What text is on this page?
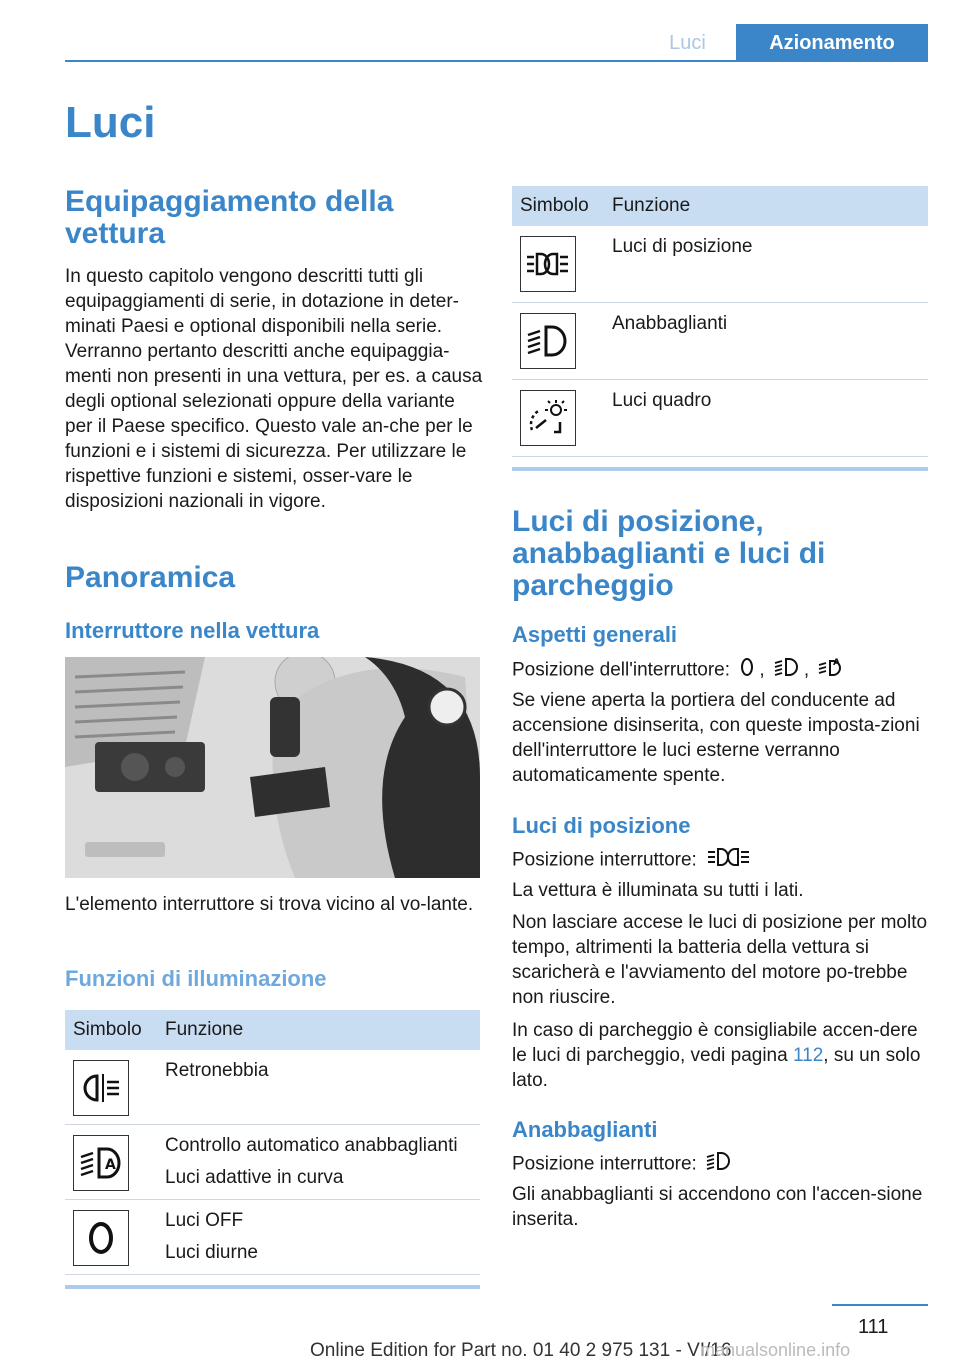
Luci	Azionamento
Luci
Equipaggiamento della vettura

In questo capitolo vengono descritti tutti gli equipaggiamenti di serie, in dotazione in deter-minati Paesi e optional disponibili nella serie. Verranno pertanto descritti anche equipaggia-menti non presenti in una vettura, per es. a causa degli optional selezionati oppure della variante per il Paese specifico. Questo vale an-che per le funzioni e i sistemi di sicurezza. Per utilizzare le rispettive funzioni e sistemi, osser-vare le disposizioni nazionali in vigore.

Panoramica
Interruttore nella vettura

L'elemento interruttore si trova vicino al vo-lante.

Funzioni di illuminazione
Simbolo	Funzione

Retronebbia

A	Controllo automatico anabbaglianti
Luci adattive in curva

Luci OFF
Luci diurne
Simbolo	Funzione

Luci di posizione

Anabbaglianti

Luci quadro
Luci di posizione, anabbaglianti e luci di parcheggio
Aspetti generali

Posizione dell'interruttore: , , A

Se viene aperta la portiera del conducente ad accensione disinserita, con queste imposta-zioni dell'interruttore le luci esterne verranno automaticamente spente.

Luci di posizione

Posizione interruttore:

La vettura è illuminata su tutti i lati.

Non lasciare accese le luci di posizione per molto tempo, altrimenti la batteria della vettura si scaricherà e l'avviamento del motore po-trebbe non riuscire.

In caso di parcheggio è consigliabile accen-dere le luci di parcheggio, vedi pagina 112, su un solo lato.

Anabbaglianti

Posizione interruttore:

Gli anabbaglianti si accendono con l'accen-sione inserita.

111
Online Edition for Part no. 01 40 2 975 131 - VI/16
manualsonline.info
